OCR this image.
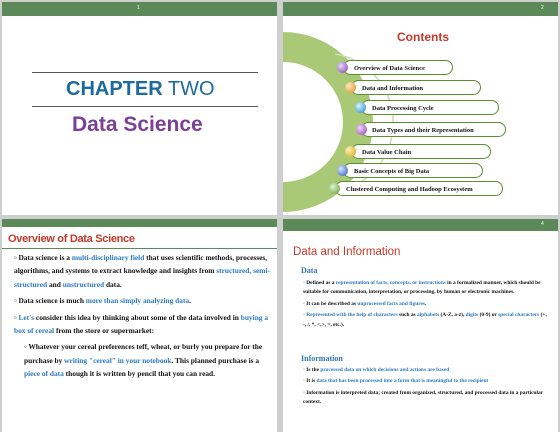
1
CHAPTER TWO
Data Science
2
Contents
Overview of Data Science
Data and Information
Data Processing Cycle
Data Types and their Representation
Data Value Chain
Basic Concepts of Big Data
Clustered Computing and Hadoop Ecosystem
Overview of Data Science

▫ Data science is a multi-disciplinary field that uses scientific methods, processes, algorithms, and systems to extract knowledge and insights from structured, semi-structured and unstructured data.

▫ Data science is much more than simply analyzing data.

▫ Let's consider this idea by thinking about some of the data involved in buying a box of cereal from the store or supermarket:

◦ Whatever your cereal preferences teff, wheat, or burly you prepare for the purchase by writing "cereal" in your notebook. This planned purchase is a piece of data though it is written by pencil that you can read.

4
Data and Information
Data

◦ Defined as a representation of facts, concepts, or instructions in a formalized manner, which should be suitable for communication, interpretation, or processing, by human or electronic machines.

◦ It can be described as unprocessed facts and figures.

◦ Represented with the help of characters such as alphabets (A-Z, a-z), digits (0-9) or special characters (+, -, /, *, <,>, =, etc.).

Information

◦ Is the processed data on which decisions and actions are based

◦ It is data that has been processed into a form that is meaningful to the recipient

◦ Information is interpreted data; created from organized, structured, and processed data in a particular context.
